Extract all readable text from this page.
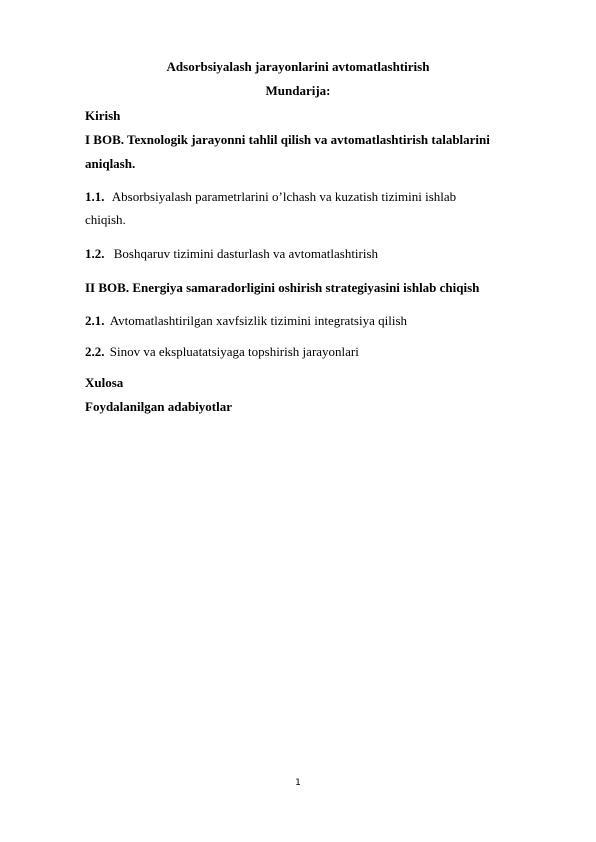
Adsorbsiyalash jarayonlarini avtomatlashtirish
Mundarija:
Kirish
I BOB. Texnologik jarayonni tahlil qilish va avtomatlashtirish talablarini
aniqlash.
1.1. Absorbsiyalash parametrlarini o’lchash va kuzatish tizimini ishlab
chiqish.
1.2. Boshqaruv tizimini dasturlash va avtomatlashtirish
II BOB. Energiya samaradorligini oshirish strategiyasini ishlab chiqish
2.1. Avtomatlashtirilgan xavfsizlik tizimini integratsiya qilish
2.2. Sinov va ekspluatatsiyaga topshirish jarayonlari
Xulosa
Foydalanilgan adabiyotlar
1
